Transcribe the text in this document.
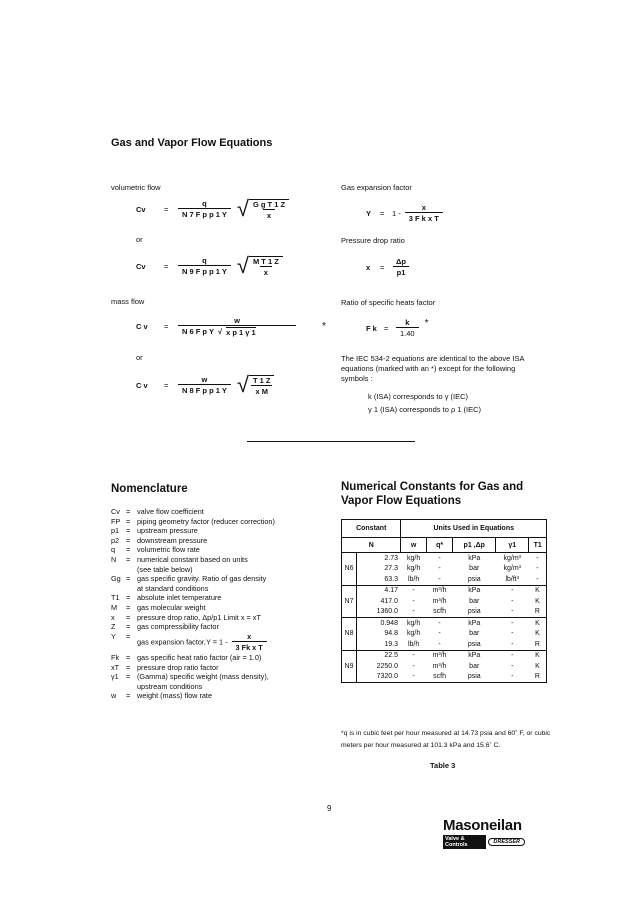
Gas and Vapor Flow Equations
volumetric flow
Cv	=	$\frac{q}{\text{N 7 F p p 1 Y}}$ √ $\frac{\text{G g T 1 Z}}{x}$
or
Cv	=	$\frac{q}{\text{N 9 F p p 1 Y}}$ √ $\frac{\text{M T 1 Z}}{x}$
mass flow
C v	=	$\frac{w}{\text{N 6 F p Y √ x p 1 γ 1}}$	*
or
C v	=	$\frac{w}{\text{N 8 F p p 1 Y}}$ √ $\frac{T 1 Z}{\text{x M}}$
Gas expansion factor
Y	=	$1 - \frac{x}{\text{3 F k x T}}$
Pressure drop ratio
x	=	$\frac{\Delta p}{p1}$
Ratio of specific heats factor
F k =	$\frac{k}{1.40}$ *
The IEC 534-2 equations are identical to the above ISA equations (marked with an *) except for the following symbols :
k (ISA) corresponds to γ (IEC)
γ 1 (ISA) corresponds to ρ 1 (IEC)
Nomenclature
Cv = valve flow coefficient
FP = piping geometry factor (reducer correction)
p1 = upstream pressure
p2 = downstream pressure
q	= volumetric flow rate
N	= numerical constant based on units
(see table below)
Gg = gas specific gravity. Ratio of gas density
at standard conditions
T1 = absolute inlet temperature
M	= gas molecular weight
x	= pressure drop ratio, Δp/p1 Limit x = xT
Z	= gas compressibility factor
Y	=
gas expansion factor,Y = $1 - \frac{x}{\text{3 Fk x T}}$
Fk = gas specific heat ratio factor (air = 1.0)
xT = pressure drop ratio factor
γ1 = (Gamma) specific weight (mass density),
upstream conditions
w	= weight (mass) flow rate
Numerical Constants for Gas and
Vapor Flow Equations
Constant		Units Used in Equations				
N		w	q*	p1 ,Δp	γ1	T1
N6	2.73	kg/h	-	kPa	kg/m³	-
	27.3	kg/h	-	bar	kg/m³	-
	63.3	lb/h	-	psia	lb/ft³	-
N7	4.17	-	m³/h	kPa	-	K
	417.0	-	m³/h	bar	-	K
	1360.0	-	scfh	psia	-	R
N8	0.948	kg/h	-	kPa	-	K
	94.8	kg/h	-	bar	-	K
	19.3	lb/h	-	psia	-	R
N9	22.5	-	m³/h	kPa	-	K
	2250.0	-	m³/h	bar	-	K
	7320.0	-	scfh	psia	-	R
*q is in cubic feet per hour measured at 14.73 psia and 60˚ F, or cubic meters per hour measured at 101.3 kPa and 15.6˚ C.
Table 3
9
Masoneilan
Valve & Controls	DRESSER
